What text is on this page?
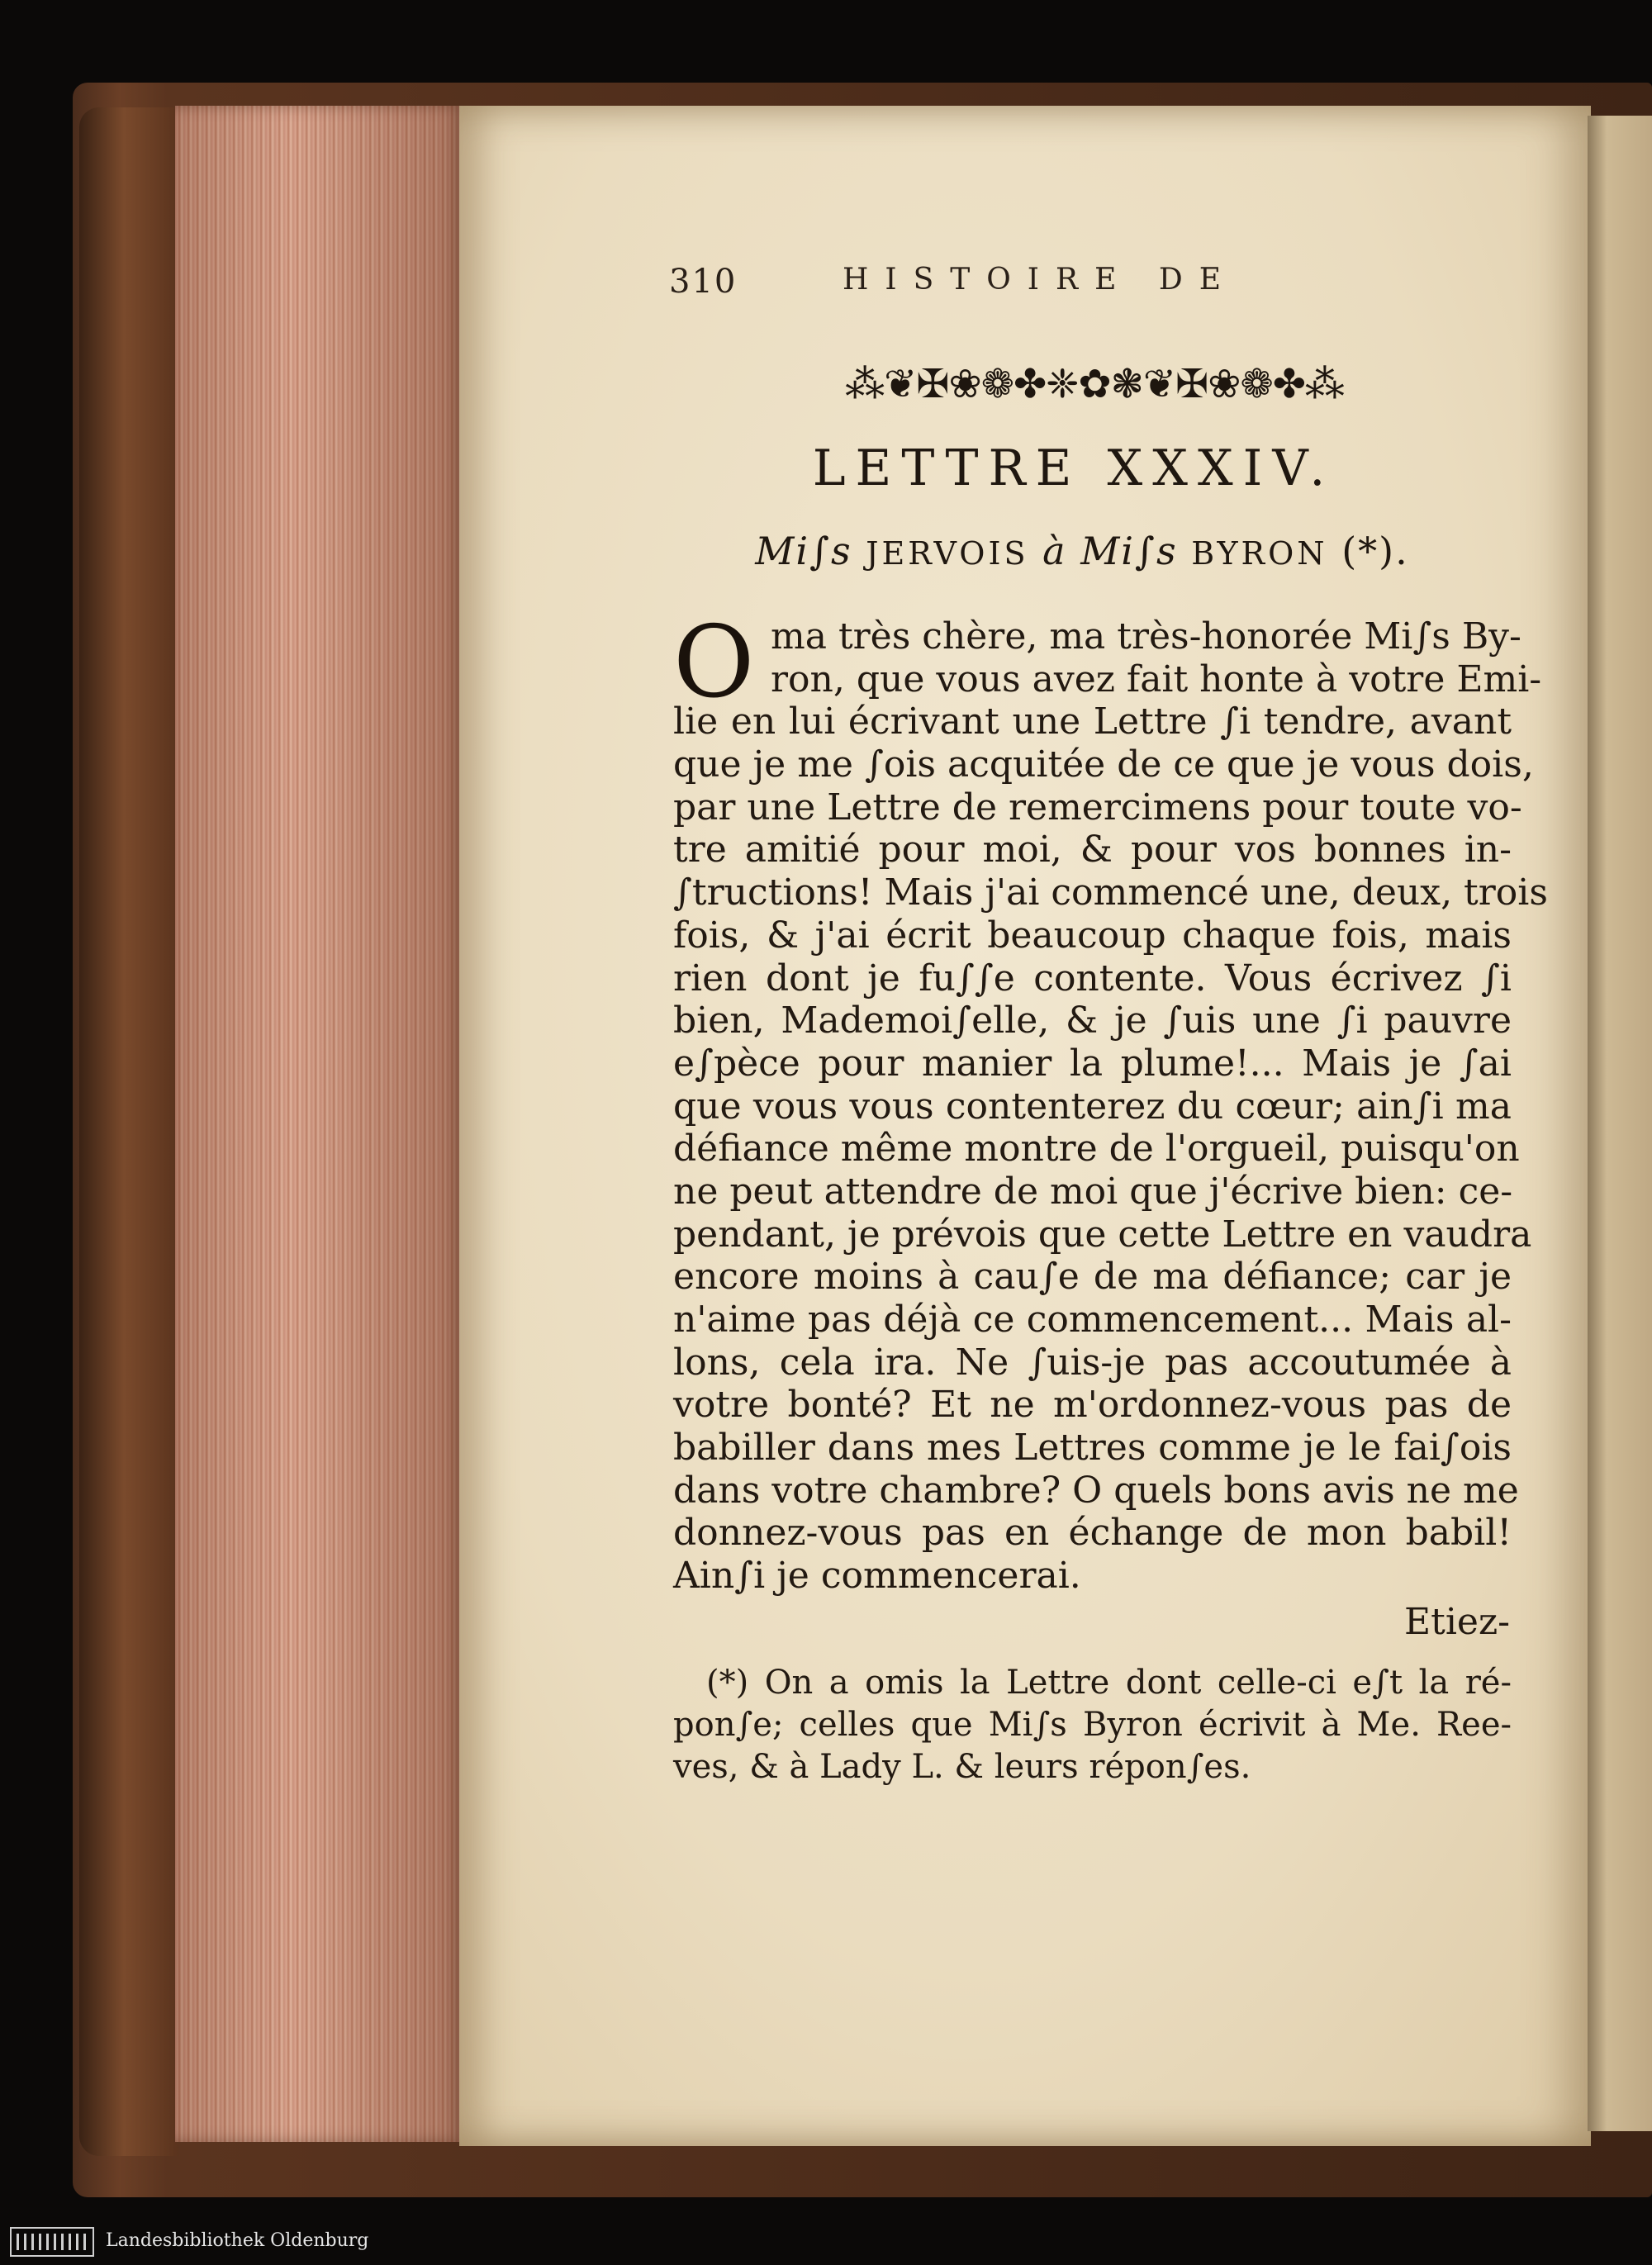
310	HISTOIRE DE
⁂❦✠❀❁✤❈✿❃❦✠❀❁✤⁂
LETTRE XXXIV.
Mi∫s JERVOIS à Mi∫s BYRON (*).
O ma très chère, ma très-honorée Mi∫s By-
ron, que vous avez fait honte à votre Emi-
lie en lui écrivant une Lettre ∫i tendre, avant
que je me ∫ois acquitée de ce que je vous dois,
par une Lettre de remercimens pour toute vo-
tre amitié pour moi, & pour vos bonnes in-
∫tructions! Mais j'ai commencé une, deux, trois
fois, & j'ai écrit beaucoup chaque fois, mais
rien dont je fu∫∫e contente. Vous écrivez ∫i
bien, Mademoi∫elle, & je ∫uis une ∫i pauvre
e∫pèce pour manier la plume!... Mais je ∫ai
que vous vous contenterez du cœur; ain∫i ma
défiance même montre de l'orgueil, puisqu'on
ne peut attendre de moi que j'écrive bien: ce-
pendant, je prévois que cette Lettre en vaudra
encore moins à cau∫e de ma défiance; car je
n'aime pas déjà ce commencement... Mais al-
lons, cela ira. Ne ∫uis-je pas accoutumée à
votre bonté? Et ne m'ordonnez-vous pas de
babiller dans mes Lettres comme je le fai∫ois
dans votre chambre? O quels bons avis ne me
donnez-vous pas en échange de mon babil!
Ain∫i je commencerai.
Etiez-
(*) On a omis la Lettre dont celle-ci e∫t la ré-
pon∫e; celles que Mi∫s Byron écrivit à Me. Ree-
ves, & à Lady L. & leurs répon∫es.
Landesbibliothek Oldenburg
